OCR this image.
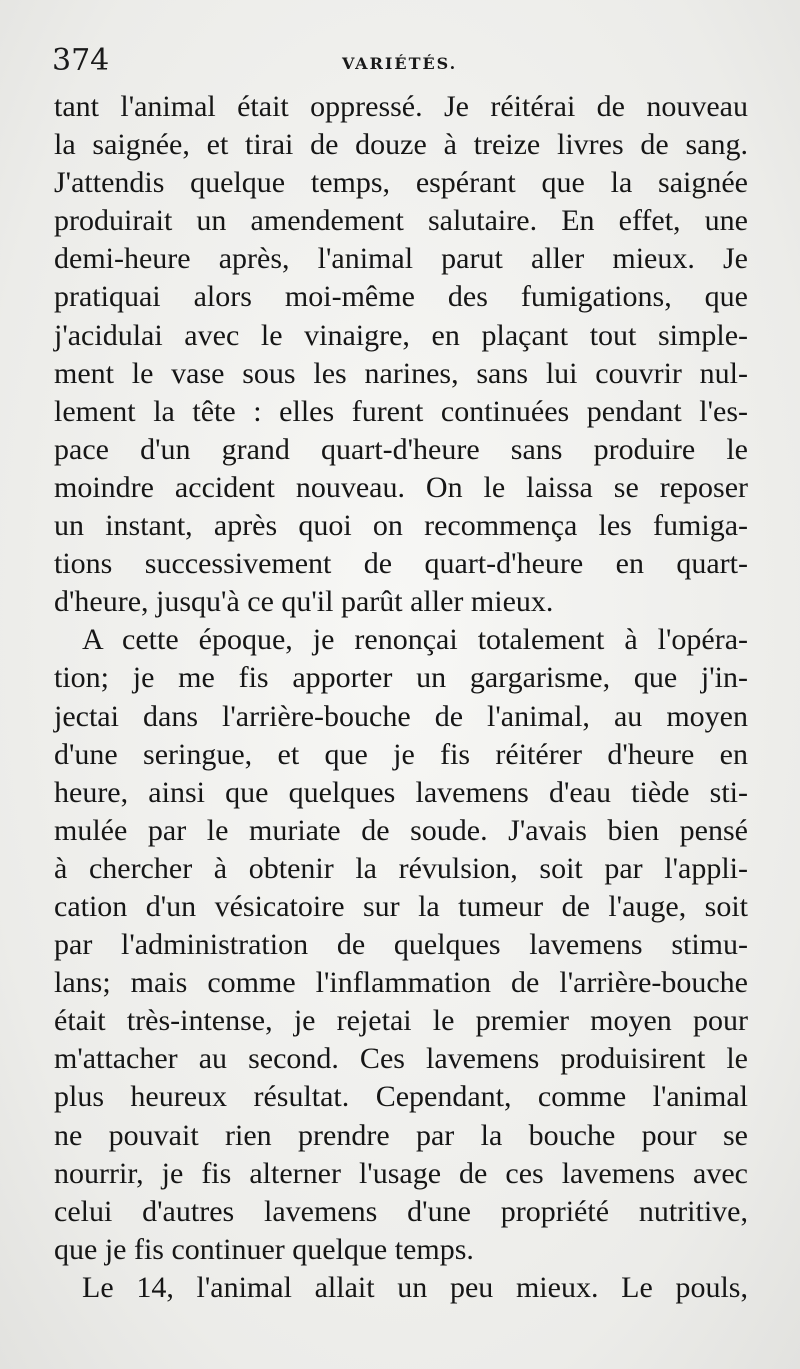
374	VARIÉTÉS.
tant l'animal était oppressé. Je réitérai de nouveau
la saignée, et tirai de douze à treize livres de sang.
J'attendis quelque temps, espérant que la saignée
produirait un amendement salutaire. En effet, une
demi-heure après, l'animal parut aller mieux. Je
pratiquai alors moi-même des fumigations, que
j'acidulai avec le vinaigre, en plaçant tout simple-
ment le vase sous les narines, sans lui couvrir nul-
lement la tête : elles furent continuées pendant l'es-
pace d'un grand quart-d'heure sans produire le
moindre accident nouveau. On le laissa se reposer
un instant, après quoi on recommença les fumiga-
tions successivement de quart-d'heure en quart-
d'heure, jusqu'à ce qu'il parût aller mieux.
A cette époque, je renonçai totalement à l'opéra-
tion; je me fis apporter un gargarisme, que j'in-
jectai dans l'arrière-bouche de l'animal, au moyen
d'une seringue, et que je fis réitérer d'heure en
heure, ainsi que quelques lavemens d'eau tiède sti-
mulée par le muriate de soude. J'avais bien pensé
à chercher à obtenir la révulsion, soit par l'appli-
cation d'un vésicatoire sur la tumeur de l'auge, soit
par l'administration de quelques lavemens stimu-
lans; mais comme l'inflammation de l'arrière-bouche
était très-intense, je rejetai le premier moyen pour
m'attacher au second. Ces lavemens produisirent le
plus heureux résultat. Cependant, comme l'animal
ne pouvait rien prendre par la bouche pour se
nourrir, je fis alterner l'usage de ces lavemens avec
celui d'autres lavemens d'une propriété nutritive,
que je fis continuer quelque temps.
Le 14, l'animal allait un peu mieux. Le pouls,
